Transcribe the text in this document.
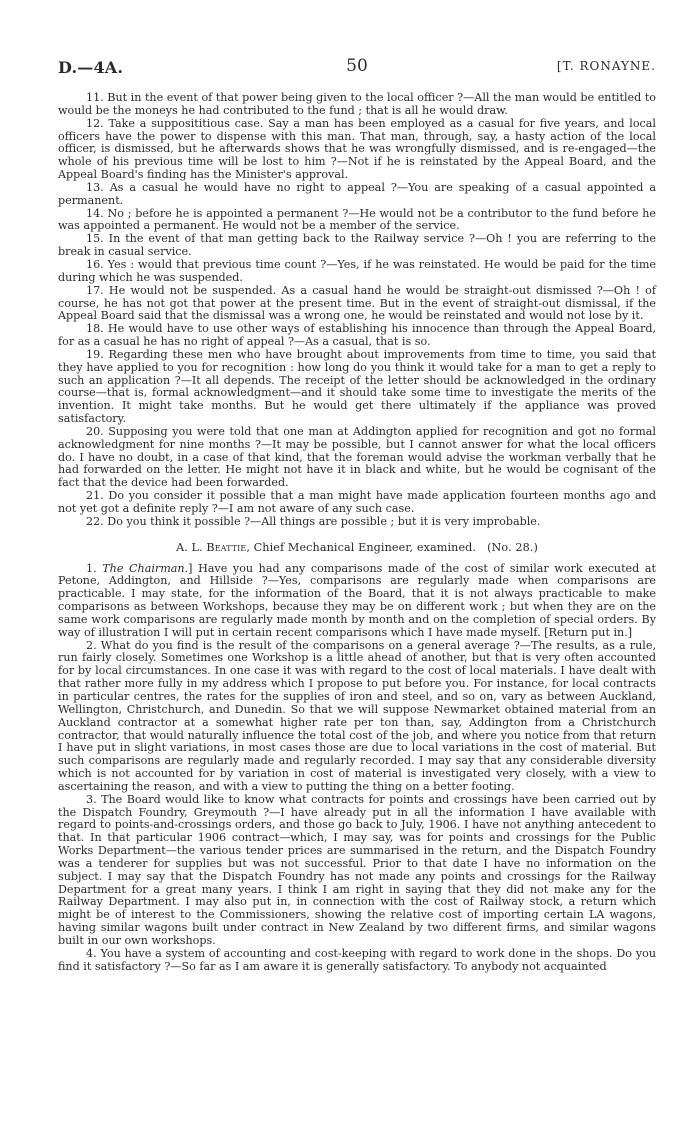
D.—4A.	50	[T. RONAYNE.

11. But in the event of that power being given to the local officer ?—All the man would be entitled to would be the moneys he had contributed to the fund ; that is all he would draw.

12. Take a supposititious case. Say a man has been employed as a casual for five years, and local officers have the power to dispense with this man. That man, through, say, a hasty action of the local officer, is dismissed, but he afterwards shows that he was wrongfully dismissed, and is re-engaged—the whole of his previous time will be lost to him ?—Not if he is reinstated by the Appeal Board, and the Appeal Board's finding has the Minister's approval.

13. As a casual he would have no right to appeal ?—You are speaking of a casual appointed a permanent.

14. No ; before he is appointed a permanent ?—He would not be a contributor to the fund before he was appointed a permanent. He would not be a member of the service.

15. In the event of that man getting back to the Railway service ?—Oh ! you are referring to the break in casual service.

16. Yes : would that previous time count ?—Yes, if he was reinstated. He would be paid for the time during which he was suspended.

17. He would not be suspended. As a casual hand he would be straight-out dismissed ?—Oh ! of course, he has not got that power at the present time. But in the event of straight-out dismissal, if the Appeal Board said that the dismissal was a wrong one, he would be reinstated and would not lose by it.

18. He would have to use other ways of establishing his innocence than through the Appeal Board, for as a casual he has no right of appeal ?—As a casual, that is so.

19. Regarding these men who have brought about improvements from time to time, you said that they have applied to you for recognition : how long do you think it would take for a man to get a reply to such an application ?—It all depends. The receipt of the letter should be acknowledged in the ordinary course—that is, formal acknowledgment—and it should take some time to investigate the merits of the invention. It might take months. But he would get there ultimately if the appliance was proved satisfactory.

20. Supposing you were told that one man at Addington applied for recognition and got no formal acknowledgment for nine months ?—It may be possible, but I cannot answer for what the local officers do. I have no doubt, in a case of that kind, that the foreman would advise the workman verbally that he had forwarded on the letter. He might not have it in black and white, but he would be cognisant of the fact that the device had been forwarded.

21. Do you consider it possible that a man might have made application fourteen months ago and not yet got a definite reply ?—I am not aware of any such case.

22. Do you think it possible ?—All things are possible ; but it is very improbable.

A. L. Beattie, Chief Mechanical Engineer, examined. (No. 28.)

1. The Chairman.] Have you had any comparisons made of the cost of similar work executed at Petone, Addington, and Hillside ?—Yes, comparisons are regularly made when comparisons are practicable. I may state, for the information of the Board, that it is not always practicable to make comparisons as between Workshops, because they may be on different work ; but when they are on the same work comparisons are regularly made month by month and on the completion of special orders. By way of illustration I will put in certain recent comparisons which I have made myself. [Return put in.]

2. What do you find is the result of the comparisons on a general average ?—The results, as a rule, run fairly closely. Sometimes one Workshop is a little ahead of another, but that is very often accounted for by local circumstances. In one case it was with regard to the cost of local materials. I have dealt with that rather more fully in my address which I propose to put before you. For instance, for local contracts in particular centres, the rates for the supplies of iron and steel, and so on, vary as between Auckland, Wellington, Christchurch, and Dunedin. So that we will suppose Newmarket obtained material from an Auckland contractor at a somewhat higher rate per ton than, say, Addington from a Christchurch contractor, that would naturally influence the total cost of the job, and where you notice from that return I have put in slight variations, in most cases those are due to local variations in the cost of material. But such comparisons are regularly made and regularly recorded. I may say that any considerable diversity which is not accounted for by variation in cost of material is investigated very closely, with a view to ascertaining the reason, and with a view to putting the thing on a better footing.

3. The Board would like to know what contracts for points and crossings have been carried out by the Dispatch Foundry, Greymouth ?—I have already put in all the information I have available with regard to points-and-crossings orders, and those go back to July, 1906. I have not anything antecedent to that. In that particular 1906 contract—which, I may say, was for points and crossings for the Public Works Department—the various tender prices are summarised in the return, and the Dispatch Foundry was a tenderer for supplies but was not successful. Prior to that date I have no information on the subject. I may say that the Dispatch Foundry has not made any points and crossings for the Railway Department for a great many years. I think I am right in saying that they did not make any for the Railway Department. I may also put in, in connection with the cost of Railway stock, a return which might be of interest to the Commissioners, showing the relative cost of importing certain LA wagons, having similar wagons built under contract in New Zealand by two different firms, and similar wagons built in our own workshops.

4. You have a system of accounting and cost-keeping with regard to work done in the shops. Do you find it satisfactory ?—So far as I am aware it is generally satisfactory. To anybody not acquainted
